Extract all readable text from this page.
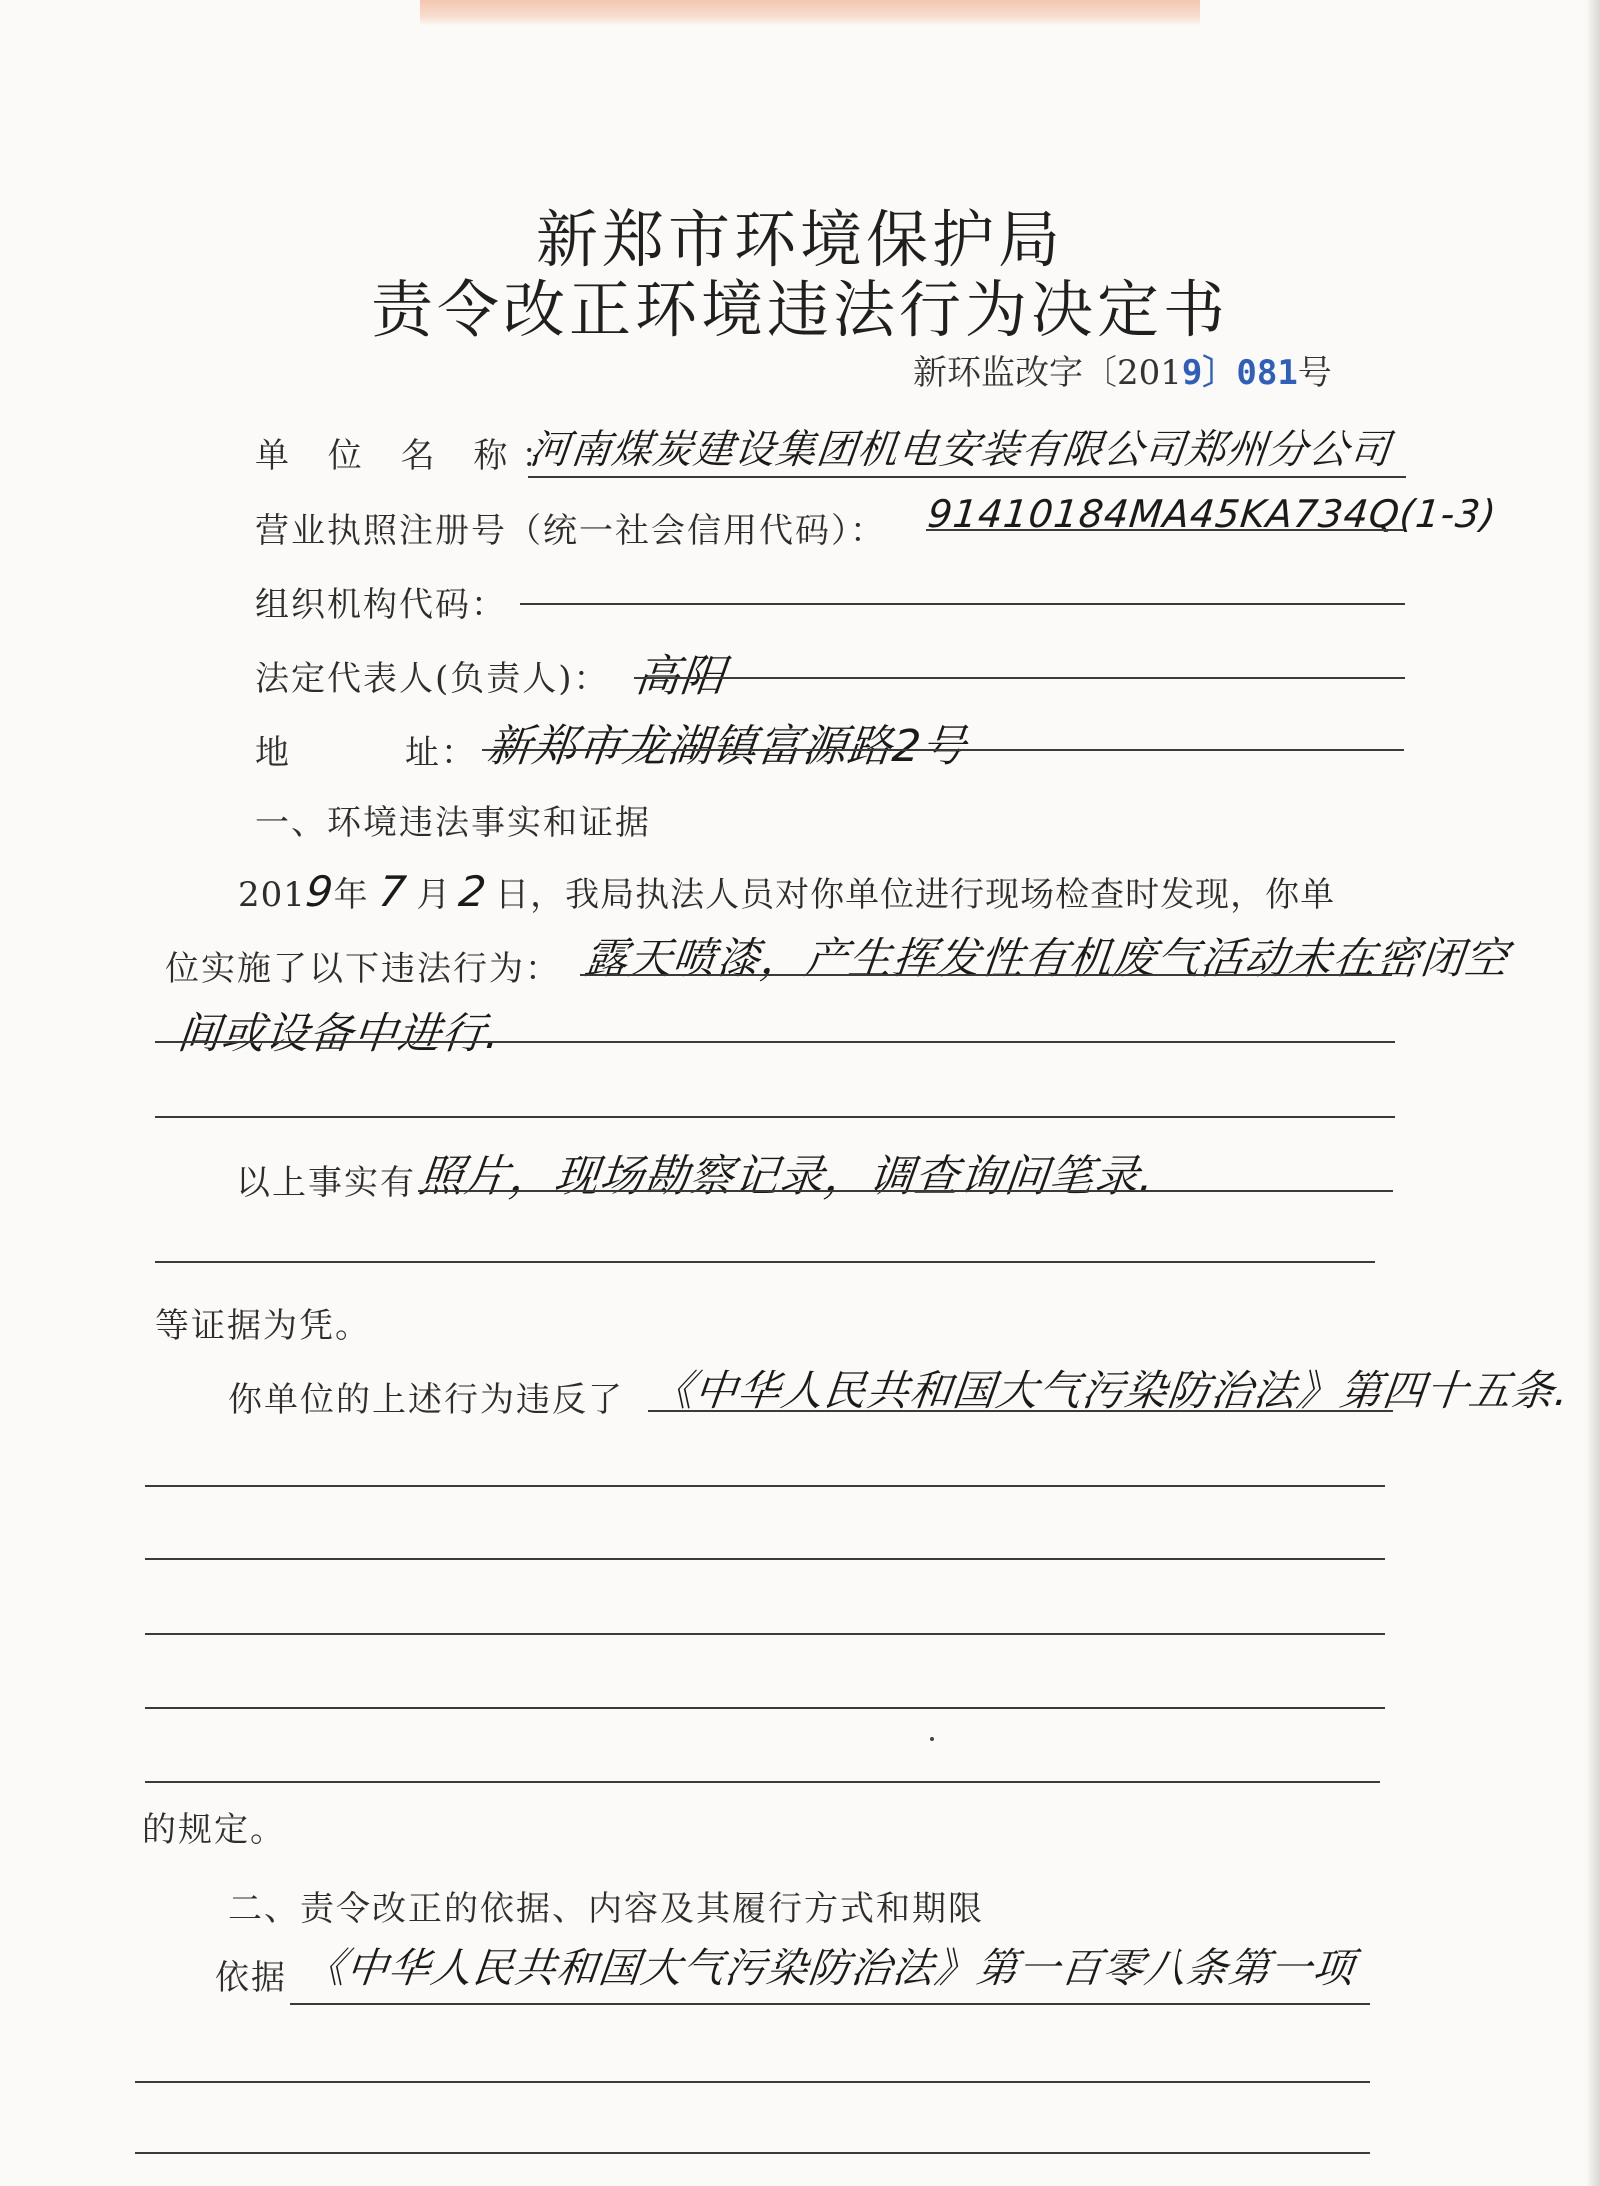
新郑市环境保护局
责令改正环境违法行为决定书
新环监改字〔2019〕081号
单 位 名 称：
河南煤炭建设集团机电安装有限公司郑州分公司
营业执照注册号（统一社会信用代码）： 91410184MA45KA734Q(1-3)
组织机构代码：
法定代表人(负责人)： 高阳
地	址： 新郑市龙湖镇富源路2号
一、环境违法事实和证据
2019年 7 月 2 日，我局执法人员对你单位进行现场检查时发现，你单
位实施了以下违法行为： 露天喷漆，产生挥发性有机废气活动未在密闭空
间或设备中进行.
以上事实有 照片，现场勘察记录，调查询问笔录.
等证据为凭。
你单位的上述行为违反了 《中华人民共和国大气污染防治法》第四十五条.
的规定。
二、责令改正的依据、内容及其履行方式和期限
依据 《中华人民共和国大气污染防治法》第一百零八条第一项
